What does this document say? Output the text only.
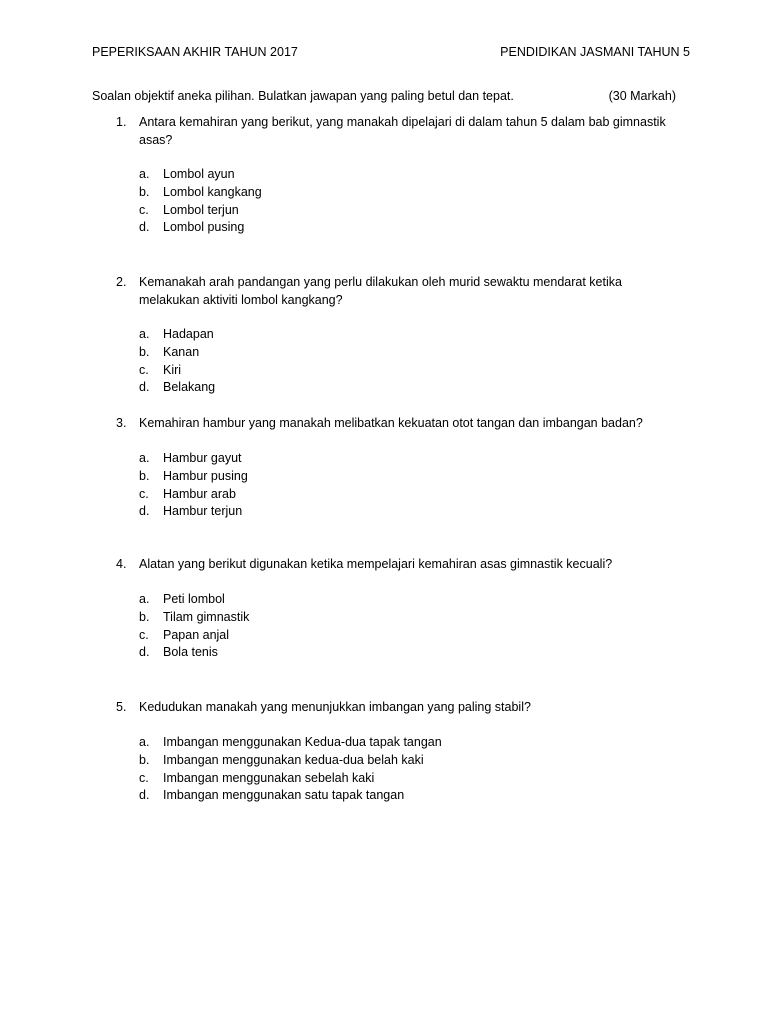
PEPERIKSAAN AKHIR TAHUN 2017	PENDIDIKAN JASMANI TAHUN 5
Soalan objektif aneka pilihan. Bulatkan jawapan yang paling betul dan tepat.	(30 Markah)
1. Antara kemahiran yang berikut, yang manakah dipelajari di dalam tahun 5 dalam bab gimnastik asas?
a. Lombol ayun
b. Lombol kangkang
c. Lombol terjun
d. Lombol pusing
2. Kemanakah arah pandangan yang perlu dilakukan oleh murid sewaktu mendarat ketika melakukan aktiviti lombol kangkang?
a. Hadapan
b. Kanan
c. Kiri
d. Belakang
3. Kemahiran hambur yang manakah melibatkan kekuatan otot tangan dan imbangan badan?
a. Hambur gayut
b. Hambur pusing
c. Hambur arab
d. Hambur terjun
4. Alatan yang berikut digunakan ketika mempelajari kemahiran asas gimnastik kecuali?
a. Peti lombol
b. Tilam gimnastik
c. Papan anjal
d. Bola tenis
5. Kedudukan manakah yang menunjukkan imbangan yang paling stabil?
a. Imbangan menggunakan Kedua-dua tapak tangan
b. Imbangan menggunakan kedua-dua belah kaki
c. Imbangan menggunakan sebelah kaki
d. Imbangan menggunakan satu tapak tangan
